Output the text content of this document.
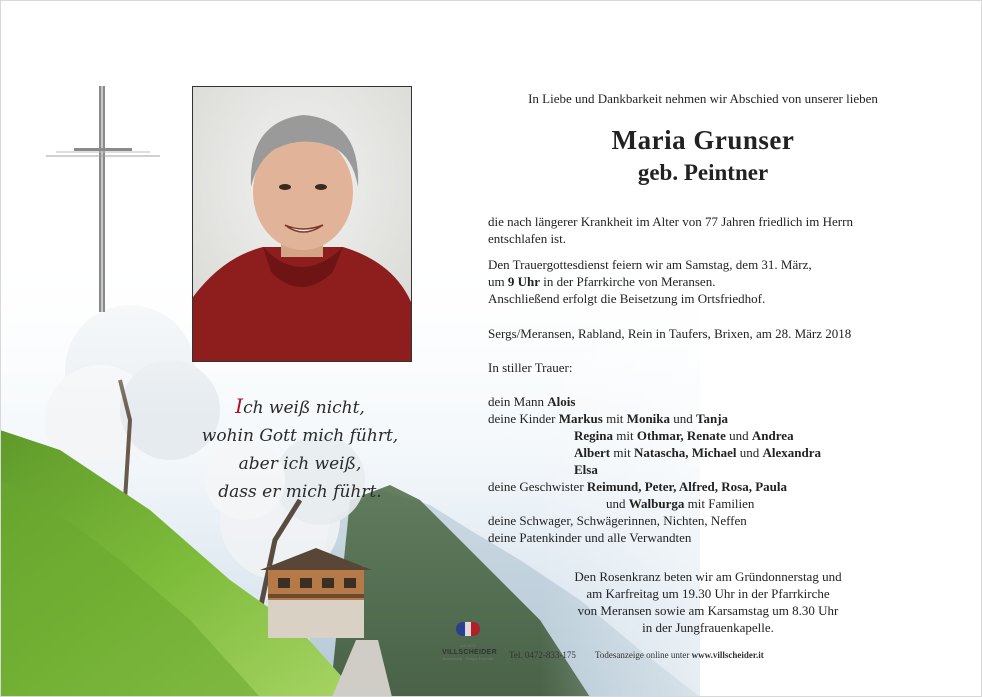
Ich weiß nicht,
wohin Gott mich führt,
aber ich weiß,
dass er mich führt.
In Liebe und Dankbarkeit nehmen wir Abschied von unserer lieben
Maria Grunser
geb. Peintner
die nach längerer Krankheit im Alter von 77 Jahren friedlich im Herrn
entschlafen ist.
Den Trauergottesdienst feiern wir am Samstag, dem 31. März,
um 9 Uhr in der Pfarrkirche von Meransen.
Anschließend erfolgt die Beisetzung im Ortsfriedhof.
Sergs/Meransen, Rabland, Rein in Taufers, Brixen, am 28. März 2018
In stiller Trauer:
dein Mann Alois
deine Kinder Markus mit Monika und Tanja
Regina mit Othmar, Renate und Andrea
Albert mit Natascha, Michael und Alexandra
Elsa
deine Geschwister Reimund, Peter, Alfred, Rosa, Paula
und Walburga mit Familien
deine Schwager, Schwägerinnen, Nichten, Neffen
deine Patenkinder und alle Verwandten
Den Rosenkranz beten wir am Gründonnerstag und
am Karfreitag um 19.30 Uhr in der Pfarrkirche
von Meransen sowie am Karsamstag um 8.30 Uhr
in der Jungfrauenkapelle.
seit 1872
VILLSCHEIDER
Bestattung · Tempo Funerali Tel. 0472-833-175 Todesanzeige online unter www.villscheider.it
